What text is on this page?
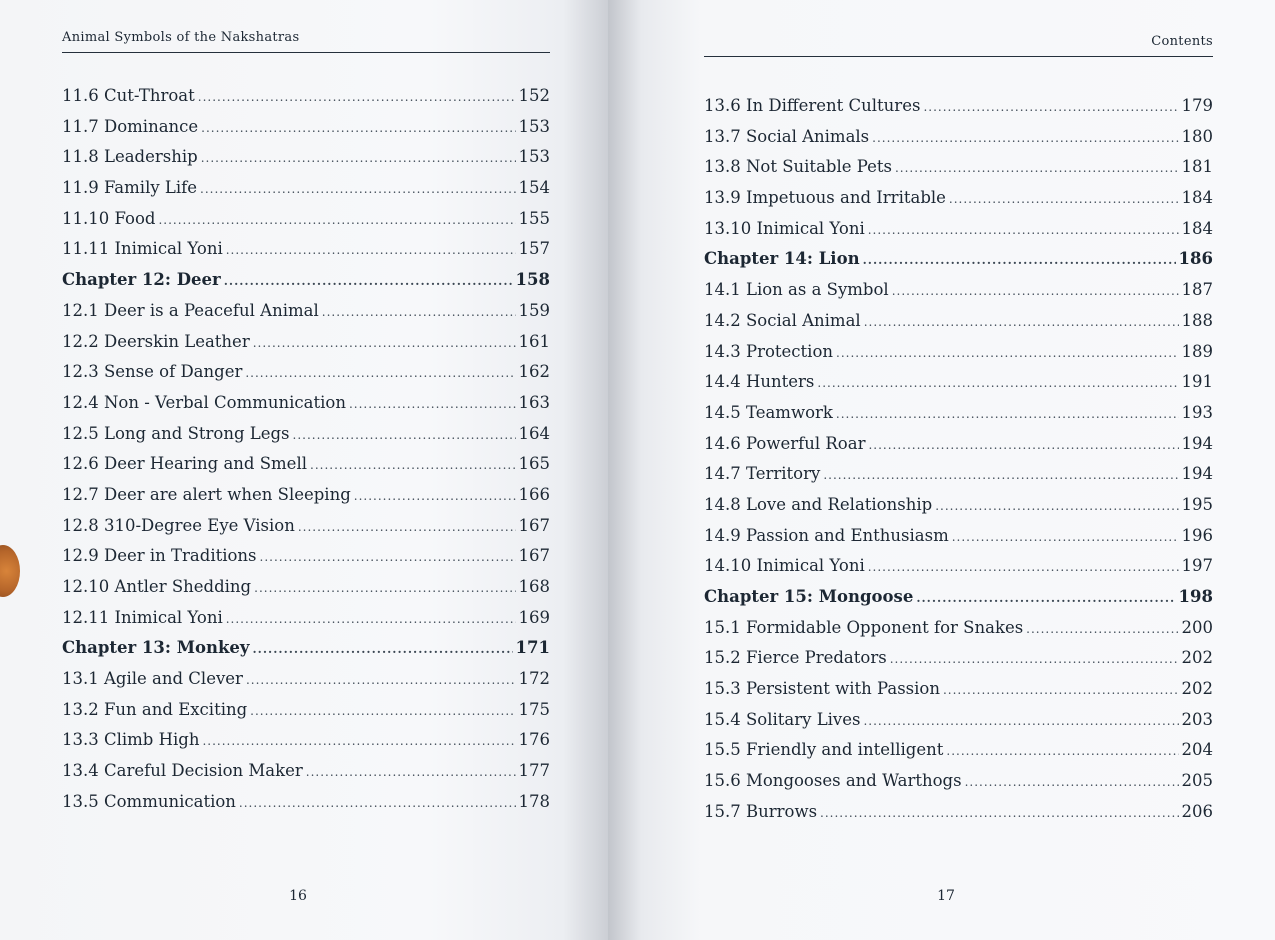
Animal Symbols of the Nakshatras
11.6 Cut-Throat .....	152
11.7 Dominance .....	153
11.8 Leadership .....	153
11.9 Family Life .....	154
11.10 Food .....	155
11.11 Inimical Yoni .....	157
Chapter 12: Deer .....	158
12.1 Deer is a Peaceful Animal .....	159
12.2 Deerskin Leather .....	161
12.3 Sense of Danger .....	162
12.4 Non - Verbal Communication .....	163
12.5 Long and Strong Legs .....	164
12.6 Deer Hearing and Smell .....	165
12.7 Deer are alert when Sleeping .....	166
12.8 310-Degree Eye Vision .....	167
12.9 Deer in Traditions .....	167
12.10 Antler Shedding .....	168
12.11 Inimical Yoni .....	169
Chapter 13: Monkey .....	171
13.1 Agile and Clever .....	172
13.2 Fun and Exciting .....	175
13.3 Climb High .....	176
13.4 Careful Decision Maker .....	177
13.5 Communication .....	178
16
Contents
13.6 In Different Cultures .....	179
13.7 Social Animals .....	180
13.8 Not Suitable Pets .....	181
13.9 Impetuous and Irritable .....	184
13.10 Inimical Yoni .....	184
Chapter 14: Lion .....	186
14.1 Lion as a Symbol .....	187
14.2 Social Animal .....	188
14.3 Protection .....	189
14.4 Hunters .....	191
14.5 Teamwork .....	193
14.6 Powerful Roar .....	194
14.7 Territory .....	194
14.8 Love and Relationship .....	195
14.9 Passion and Enthusiasm .....	196
14.10 Inimical Yoni .....	197
Chapter 15: Mongoose .....	198
15.1 Formidable Opponent for Snakes .....	200
15.2 Fierce Predators .....	202
15.3 Persistent with Passion .....	202
15.4 Solitary Lives .....	203
15.5 Friendly and intelligent .....	204
15.6 Mongooses and Warthogs .....	205
15.7 Burrows .....	206
17
